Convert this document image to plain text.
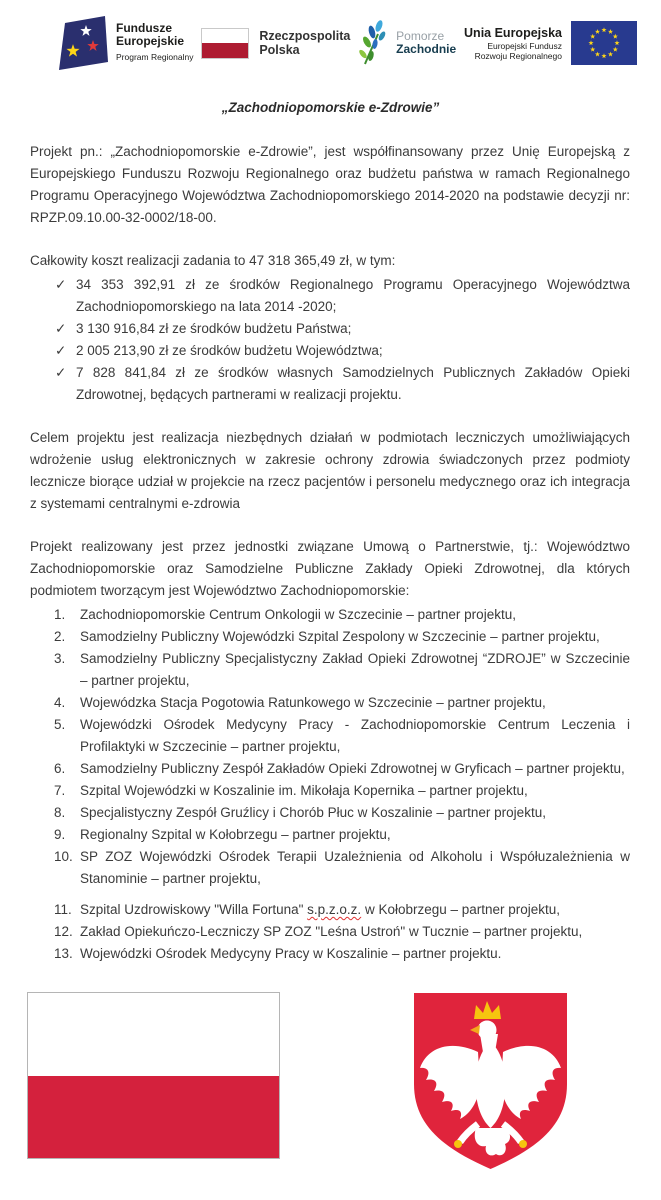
Fundusze
Europejskie
Program Regionalny
Rzeczpospolita
Polska
Pomorze
Zachodnie
Unia Europejska
Europejski Fundusz
Rozwoju Regionalnego
„Zachodniopomorskie e-Zdrowie”

Projekt pn.: „Zachodniopomorskie e-Zdrowie”, jest współfinansowany przez Unię Europejską z Europejskiego Funduszu Rozwoju Regionalnego oraz budżetu państwa w ramach Regionalnego Programu Operacyjnego Województwa Zachodniopomorskiego 2014-2020 na podstawie decyzji nr: RPZP.09.10.00-32-0002/18-00.

Całkowity koszt realizacji zadania to 47 318 365,49 zł, w tym:

✓ 34 353 392,91 zł ze środków Regionalnego Programu Operacyjnego Województwa Zachodniopomorskiego na lata 2014 -2020;
✓ 3 130 916,84 zł ze środków budżetu Państwa;
✓ 2 005 213,90 zł ze środków budżetu Województwa;
✓ 7 828 841,84 zł ze środków własnych Samodzielnych Publicznych Zakładów Opieki Zdrowotnej, będących partnerami w realizacji projektu.

Celem projektu jest realizacja niezbędnych działań w podmiotach leczniczych umożliwiających wdrożenie usług elektronicznych w zakresie ochrony zdrowia świadczonych przez podmioty lecznicze biorące udział w projekcie na rzecz pacjentów i personelu medycznego oraz ich integracja z systemami centralnymi e-zdrowia

Projekt realizowany jest przez jednostki związane Umową o Partnerstwie, tj.: Województwo Zachodniopomorskie oraz Samodzielne Publiczne Zakłady Opieki Zdrowotnej, dla których podmiotem tworzącym jest Województwo Zachodniopomorskie:

Zachodniopomorskie Centrum Onkologii w Szczecinie – partner projektu,
Samodzielny Publiczny Wojewódzki Szpital Zespolony w Szczecinie – partner projektu,
Samodzielny Publiczny Specjalistyczny Zakład Opieki Zdrowotnej “ZDROJE” w Szczecinie – partner projektu,
Wojewódzka Stacja Pogotowia Ratunkowego w Szczecinie – partner projektu,
Wojewódzki Ośrodek Medycyny Pracy - Zachodniopomorskie Centrum Leczenia i Profilaktyki w Szczecinie – partner projektu,
Samodzielny Publiczny Zespół Zakładów Opieki Zdrowotnej w Gryficach – partner projektu,
Szpital Wojewódzki w Koszalinie im. Mikołaja Kopernika – partner projektu,
Specjalistyczny Zespół Gruźlicy i Chorób Płuc w Koszalinie – partner projektu,
Regionalny Szpital w Kołobrzegu – partner projektu,
SP ZOZ Wojewódzki Ośrodek Terapii Uzależnienia od Alkoholu i Współuzależnienia w Stanominie – partner projektu,
Szpital Uzdrowiskowy "Willa Fortuna" s.p.z.o.z. w Kołobrzegu – partner projektu,
Zakład Opiekuńczo-Leczniczy SP ZOZ "Leśna Ustroń" w Tucznie – partner projektu,
Wojewódzki Ośrodek Medycyny Pracy w Koszalinie – partner projektu.
